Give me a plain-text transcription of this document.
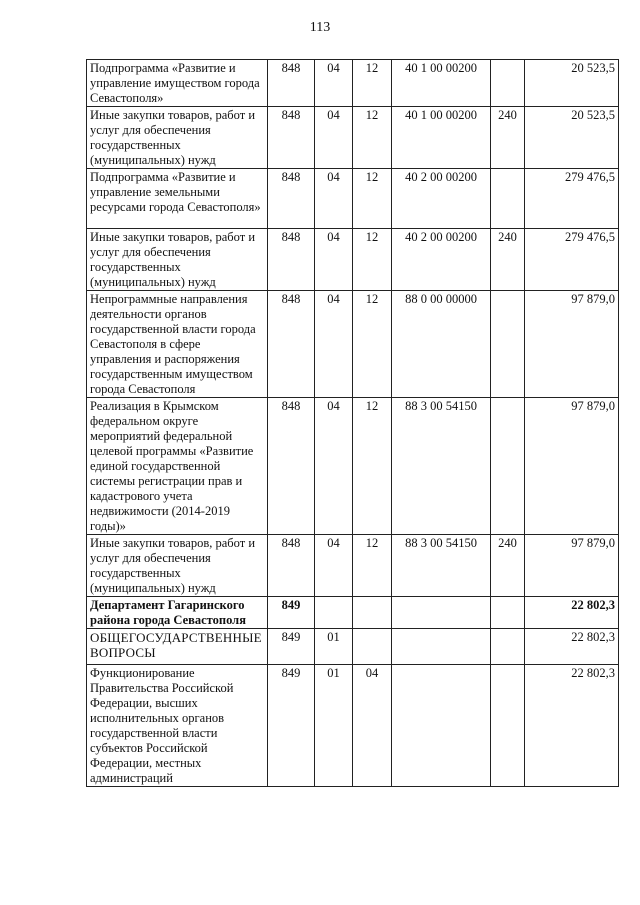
113
Подпрограмма «Развитие и управление имуществом города Севастополя»	848	04	12	40 1 00 00200		20 523,5
Иные закупки товаров, работ и услуг для обеспечения государственных (муниципальных) нужд	848	04	12	40 1 00 00200	240	20 523,5
Подпрограмма «Развитие и управление земельными ресурсами города Севастополя»	848	04	12	40 2 00 00200		279 476,5
Иные закупки товаров, работ и услуг для обеспечения государственных (муниципальных) нужд	848	04	12	40 2 00 00200	240	279 476,5
Непрограммные направления деятельности органов государственной власти города Севастополя в сфере управления и распоряжения государственным имуществом города Севастополя	848	04	12	88 0 00 00000		97 879,0
Реализация в Крымском федеральном округе мероприятий федеральной целевой программы «Развитие единой государственной системы регистрации прав и кадастрового учета недвижимости (2014-2019 годы)»	848	04	12	88 3 00 54150		97 879,0
Иные закупки товаров, работ и услуг для обеспечения государственных (муниципальных) нужд	848	04	12	88 3 00 54150	240	97 879,0
Департамент Гагаринского района города Севастополя	849					22 802,3
ОБЩЕГОСУДАРСТВЕННЫЕ ВОПРОСЫ	849	01				22 802,3
Функционирование Правительства Российской Федерации, высших исполнительных органов государственной власти субъектов Российской Федерации, местных администраций	849	01	04			22 802,3
